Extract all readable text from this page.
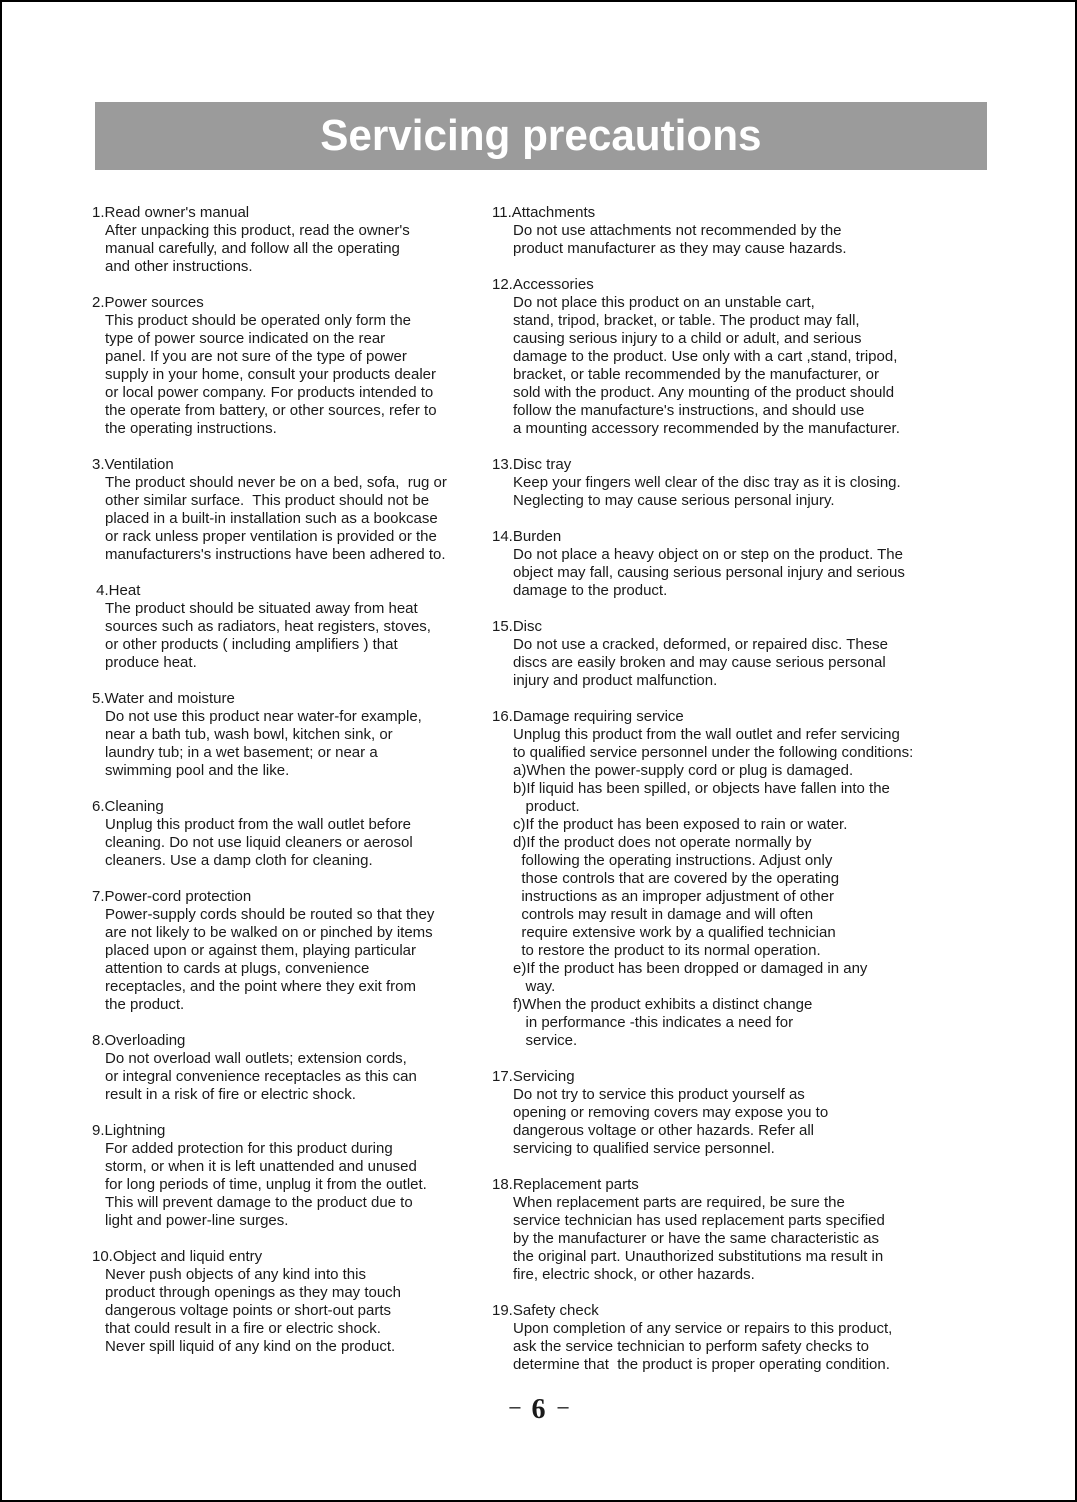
Servicing precautions
1.Read owner's manual
After unpacking this product, read the owner's
manual carefully, and follow all the operating
and other instructions.
2.Power sources
This product should be operated only form the
type of power source indicated on the rear
panel. If you are not sure of the type of power
supply in your home, consult your products dealer
or local power company. For products intended to
the operate from battery, or other sources, refer to
the operating instructions.
3.Ventilation
The product should never be on a bed, sofa,  rug or
other similar surface.  This product should not be
placed in a built-in installation such as a bookcase
or rack unless proper ventilation is provided or the
manufacturers's instructions have been adhered to.
4.Heat
The product should be situated away from heat
sources such as radiators, heat registers, stoves,
or other products ( including amplifiers ) that
produce heat.
5.Water and moisture
Do not use this product near water-for example,
near a bath tub, wash bowl, kitchen sink, or
laundry tub; in a wet basement; or near a
swimming pool and the like.
6.Cleaning
Unplug this product from the wall outlet before
cleaning. Do not use liquid cleaners or aerosol
cleaners. Use a damp cloth for cleaning.
7.Power-cord protection
Power-supply cords should be routed so that they
are not likely to be walked on or pinched by items
placed upon or against them, playing particular
attention to cards at plugs, convenience
receptacles, and the point where they exit from
the product.
8.Overloading
Do not overload wall outlets; extension cords,
or integral convenience receptacles as this can
result in a risk of fire or electric shock.
9.Lightning
For added protection for this product during
storm, or when it is left unattended and unused
for long periods of time, unplug it from the outlet.
This will prevent damage to the product due to
light and power-line surges.
10.Object and liquid entry
Never push objects of any kind into this
product through openings as they may touch
dangerous voltage points or short-out parts
that could result in a fire or electric shock.
Never spill liquid of any kind on the product.
11.Attachments
Do not use attachments not recommended by the
product manufacturer as they may cause hazards.
12.Accessories
Do not place this product on an unstable cart,
stand, tripod, bracket, or table. The product may fall,
causing serious injury to a child or adult, and serious
damage to the product. Use only with a cart ,stand, tripod,
bracket, or table recommended by the manufacturer, or
sold with the product. Any mounting of the product should
follow the manufacture's instructions, and should use
a mounting accessory recommended by the manufacturer.
13.Disc tray
Keep your fingers well clear of the disc tray as it is closing.
Neglecting to may cause serious personal injury.
14.Burden
Do not place a heavy object on or step on the product. The
object may fall, causing serious personal injury and serious
damage to the product.
15.Disc
Do not use a cracked, deformed, or repaired disc. These
discs are easily broken and may cause serious personal
injury and product malfunction.
16.Damage requiring service
Unplug this product from the wall outlet and refer servicing
to qualified service personnel under the following conditions:
a)When the power-supply cord or plug is damaged.
b)If liquid has been spilled, or objects have fallen into the
product.
c)If the product has been exposed to rain or water.
d)If the product does not operate normally by
following the operating instructions. Adjust only
those controls that are covered by the operating
instructions as an improper adjustment of other
controls may result in damage and will often
require extensive work by a qualified technician
to restore the product to its normal operation.
e)If the product has been dropped or damaged in any
way.
f)When the product exhibits a distinct change
in performance -this indicates a need for
service.
17.Servicing
Do not try to service this product yourself as
opening or removing covers may expose you to
dangerous voltage or other hazards. Refer all
servicing to qualified service personnel.
18.Replacement parts
When replacement parts are required, be sure the
service technician has used replacement parts specified
by the manufacturer or have the same characteristic as
the original part. Unauthorized substitutions ma result in
fire, electric shock, or other hazards.
19.Safety check
Upon completion of any service or repairs to this product,
ask the service technician to perform safety checks to
determine that  the product is proper operating condition.
– 6 –
